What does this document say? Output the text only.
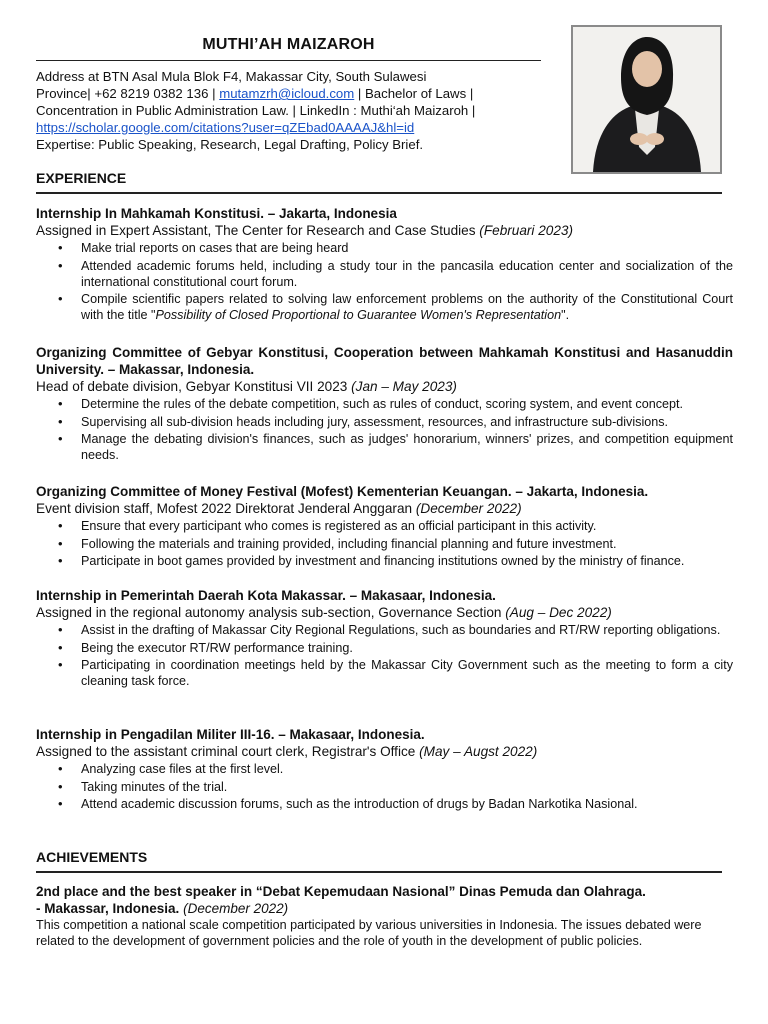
MUTHI’AH MAIZAROH
Address at BTN Asal Mula Blok F4, Makassar City, South Sulawesi
Province| +62 8219 0382 136 | mutamzrh@icloud.com | Bachelor of Laws |
Concentration in Public Administration Law. | LinkedIn : Muthi‘ah Maizaroh |
https://scholar.google.com/citations?user=qZEbad0AAAAJ&hl=id
Expertise: Public Speaking, Research, Legal Drafting, Policy Brief.
EXPERIENCE
Internship In Mahkamah Konstitusi. – Jakarta, Indonesia
Assigned in Expert Assistant, The Center for Research and Case Studies (Februari 2023)
• Make trial reports on cases that are being heard
• Attended academic forums held, including a study tour in the pancasila education center and socialization of the international constitutional court forum.
• Compile scientific papers related to solving law enforcement problems on the authority of the Constitutional Court with the title "Possibility of Closed Proportional to Guarantee Women's Representation".
Organizing Committee of Gebyar Konstitusi, Cooperation between Mahkamah Konstitusi and Hasanuddin University. – Makassar, Indonesia.
Head of debate division, Gebyar Konstitusi VII 2023 (Jan – May 2023)
• Determine the rules of the debate competition, such as rules of conduct, scoring system, and event concept.
• Supervising all sub-division heads including jury, assessment, resources, and infrastructure sub-divisions.
• Manage the debating division's finances, such as judges' honorarium, winners' prizes, and competition equipment needs.
Organizing Committee of Money Festival (Mofest) Kementerian Keuangan. – Jakarta, Indonesia.
Event division staff, Mofest 2022 Direktorat Jenderal Anggaran (December 2022)
• Ensure that every participant who comes is registered as an official participant in this activity.
• Following the materials and training provided, including financial planning and future investment.
• Participate in boot games provided by investment and financing institutions owned by the ministry of finance.
Internship in Pemerintah Daerah Kota Makassar. – Makasaar, Indonesia.
Assigned in the regional autonomy analysis sub-section, Governance Section (Aug – Dec 2022)
• Assist in the drafting of Makassar City Regional Regulations, such as boundaries and RT/RW reporting obligations.
• Being the executor RT/RW performance training.
• Participating in coordination meetings held by the Makassar City Government such as the meeting to form a city cleaning task force.
Internship in Pengadilan Militer III-16. – Makasaar, Indonesia.
Assigned to the assistant criminal court clerk, Registrar's Office (May – Augst 2022)
• Analyzing case files at the first level.
• Taking minutes of the trial.
• Attend academic discussion forums, such as the introduction of drugs by Badan Narkotika Nasional.
ACHIEVEMENTS
2nd place and the best speaker in “Debat Kepemudaan Nasional” Dinas Pemuda dan Olahraga.
- Makassar, Indonesia. (December 2022)
This competition a national scale competition participated by various universities in Indonesia. The issues debated were related to the development of government policies and the role of youth in the development of public policies.
